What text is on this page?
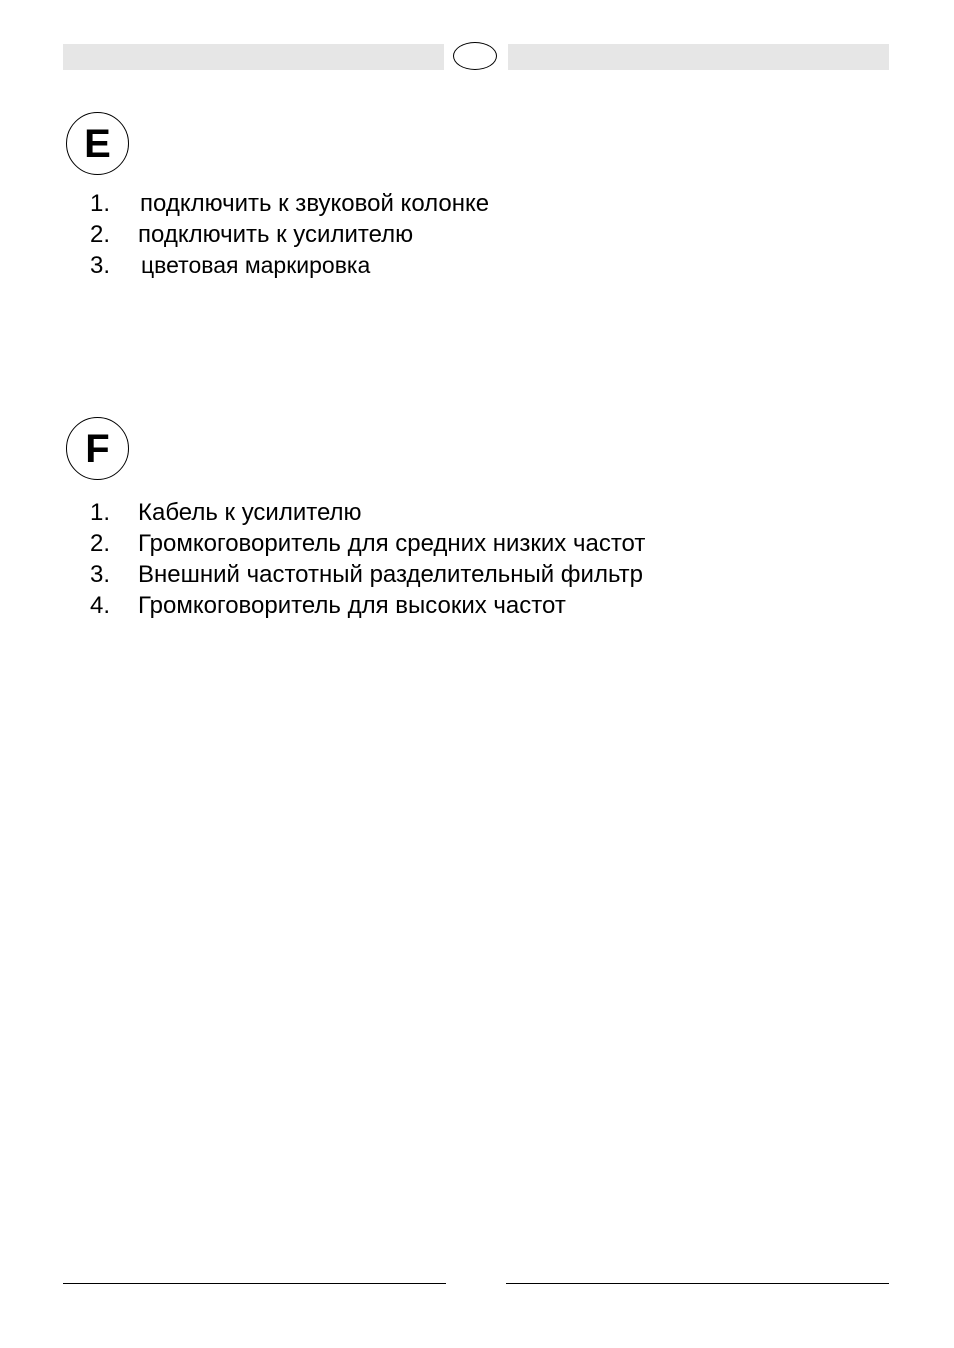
E
1. подключить к звуковой колонке
2. подключить к усилителю
3. цветовая маркировка
F
1. Кабель к усилителю
2. Громкоговоритель для средних низких частот
3. Внешний частотный разделительный фильтр
4. Громкоговоритель для высоких частот
